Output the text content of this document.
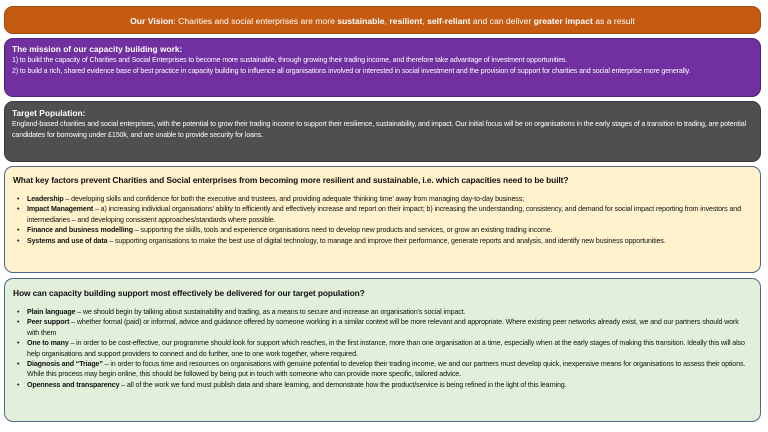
Our Vision: Charities and social enterprises are more sustainable, resilient, self-reliant and can deliver greater impact as a result
The mission of our capacity building work:
1) to build the capacity of Charities and Social Enterprises to become more sustainable, through growing their trading income, and therefore take advantage of investment opportunities.
2) to build a rich, shared evidence base of best practice in capacity building to influence all organisations involved or interested in social investment and the provision of support for charities and social enterprise more generally.
Target Population:
England-based charities and social enterprises, with the potential to grow their trading income to support their resilience, sustainability, and impact. Our initial focus will be on organisations in the early stages of a transition to trading, are potential candidates for borrowing under £150k, and are unable to provide security for loans.
What key factors prevent Charities and Social enterprises from becoming more resilient and sustainable, i.e. which capacities need to be built?
• Leadership – developing skills and confidence for both the executive and trustees, and providing adequate ‘thinking time’ away from managing day-to-day business;
• Impact Management – a) increasing individual organisations’ ability to efficiently and effectively increase and report on their impact; b) increasing the understanding, consistency, and demand for social impact reporting from investors and intermediaries – and developing consistent approaches/standards where possible.
• Finance and business modelling – supporting the skills, tools and experience organisations need to develop new products and services, or grow an existing trading income.
• Systems and use of data – supporting organisations to make the best use of digital technology, to manage and improve their performance, generate reports and analysis, and identify new business opportunities.
How can capacity building support most effectively be delivered for our target population?
• Plain language – we should begin by talking about sustainability and trading, as a means to secure and increase an organisation’s social impact.
• Peer support – whether formal (paid) or informal, advice and guidance offered by someone working in a similar context will be more relevant and appropriate. Where existing peer networks already exist, we and our partners should work with them
• One to many – in order to be cost-effective, our programme should look for support which reaches, in the first instance, more than one organisation at a time, especially when at the early stages of making this transition. Ideally this will also help organisations and support providers to connect and do further, one to one work together, where required.
• Diagnosis and “Triage” – in order to focus time and resources on organisations with genuine potential to develop their trading income, we and our partners must develop quick, inexpensive means for organisations to assess their options. While this process may begin online, this should be followed by being put in touch with someone who can provide more specific, tailored advice.
• Openness and transparency – all of the work we fund must publish data and share learning, and demonstrate how the product/service is being refined in the light of this learning.
